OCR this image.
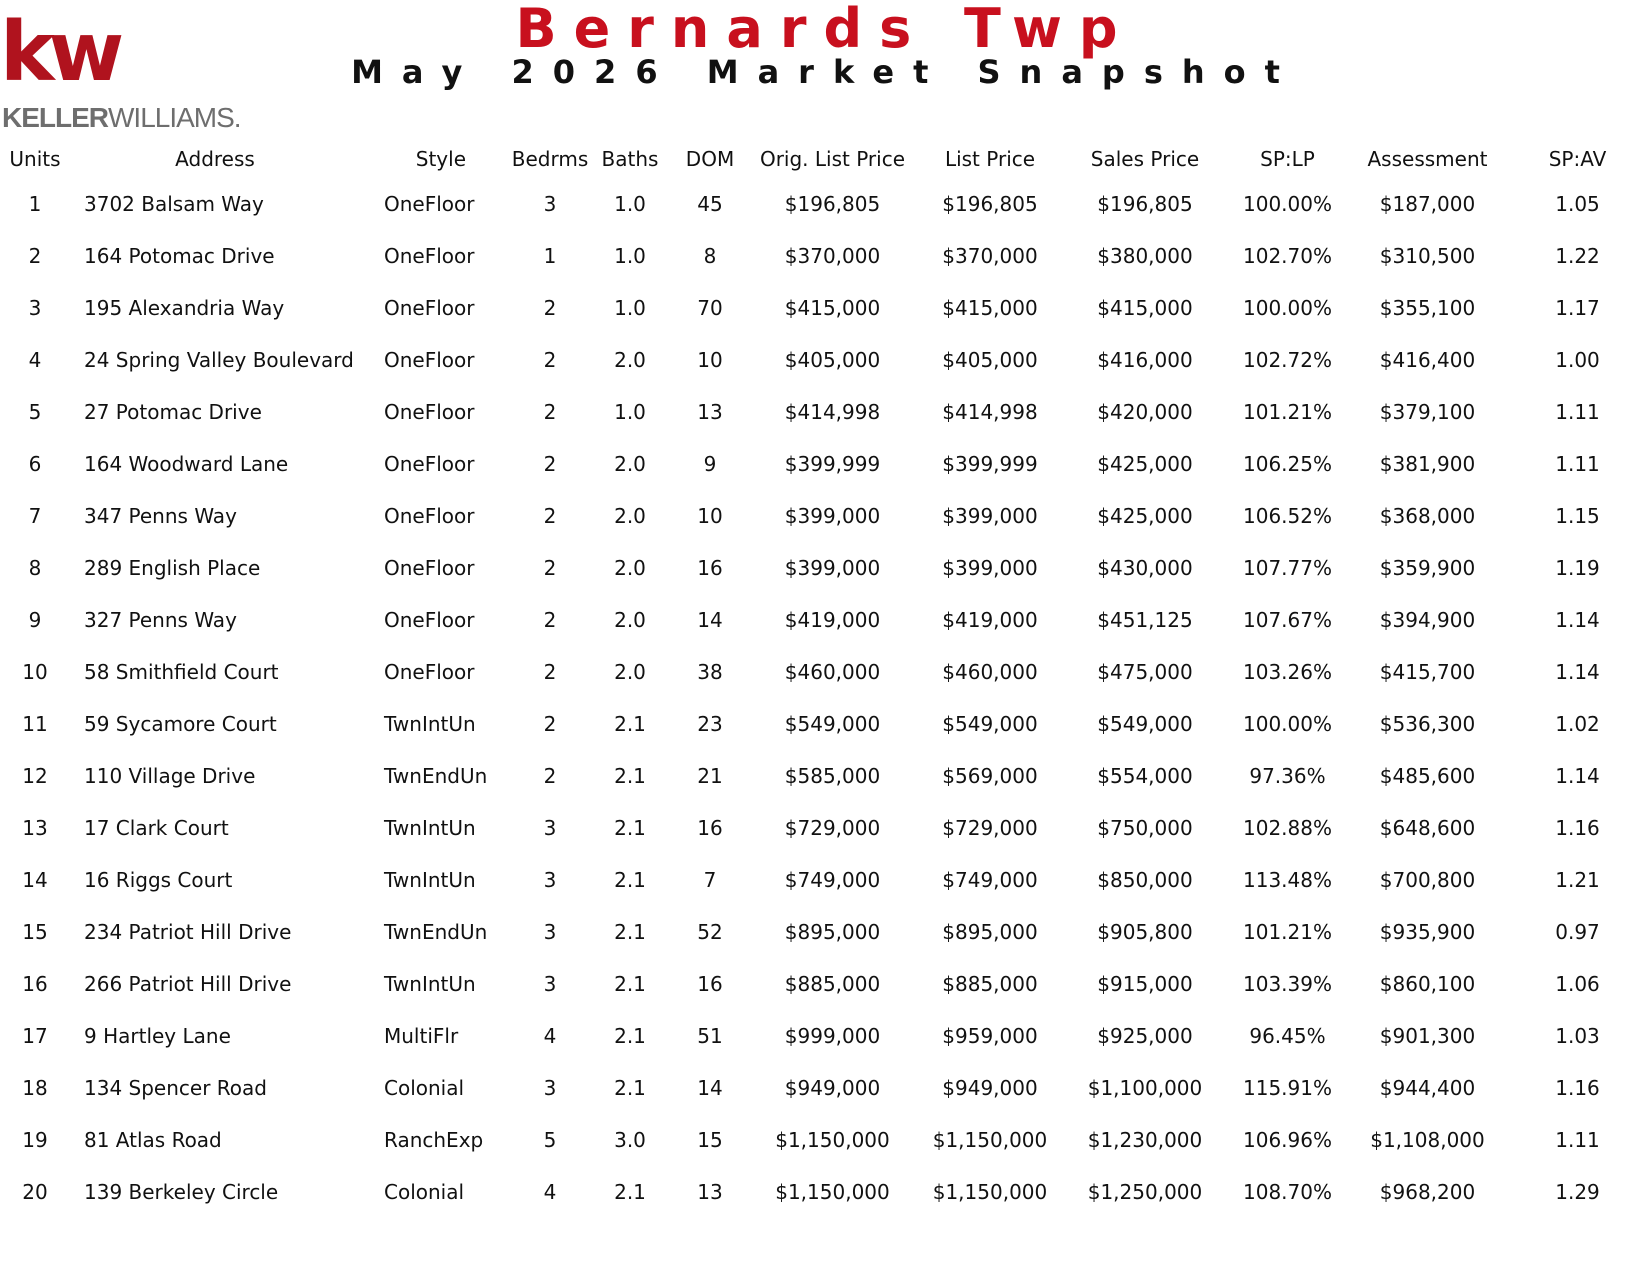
kw
KELLERWILLIAMS.
Bernards Twp
May 2026 Market Snapshot
Units	Address	Style	Bedrms	Baths	DOM	Orig. List Price	List Price	Sales Price	SP:LP	Assessment	SP:AV
1	3702 Balsam Way	OneFloor	3	1.0	45	$196,805	$196,805	$196,805	100.00%	$187,000	1.05
2	164 Potomac Drive	OneFloor	1	1.0	8	$370,000	$370,000	$380,000	102.70%	$310,500	1.22
3	195 Alexandria Way	OneFloor	2	1.0	70	$415,000	$415,000	$415,000	100.00%	$355,100	1.17
4	24 Spring Valley Boulevard	OneFloor	2	2.0	10	$405,000	$405,000	$416,000	102.72%	$416,400	1.00
5	27 Potomac Drive	OneFloor	2	1.0	13	$414,998	$414,998	$420,000	101.21%	$379,100	1.11
6	164 Woodward Lane	OneFloor	2	2.0	9	$399,999	$399,999	$425,000	106.25%	$381,900	1.11
7	347 Penns Way	OneFloor	2	2.0	10	$399,000	$399,000	$425,000	106.52%	$368,000	1.15
8	289 English Place	OneFloor	2	2.0	16	$399,000	$399,000	$430,000	107.77%	$359,900	1.19
9	327 Penns Way	OneFloor	2	2.0	14	$419,000	$419,000	$451,125	107.67%	$394,900	1.14
10	58 Smithfield Court	OneFloor	2	2.0	38	$460,000	$460,000	$475,000	103.26%	$415,700	1.14
11	59 Sycamore Court	TwnIntUn	2	2.1	23	$549,000	$549,000	$549,000	100.00%	$536,300	1.02
12	110 Village Drive	TwnEndUn	2	2.1	21	$585,000	$569,000	$554,000	97.36%	$485,600	1.14
13	17 Clark Court	TwnIntUn	3	2.1	16	$729,000	$729,000	$750,000	102.88%	$648,600	1.16
14	16 Riggs Court	TwnIntUn	3	2.1	7	$749,000	$749,000	$850,000	113.48%	$700,800	1.21
15	234 Patriot Hill Drive	TwnEndUn	3	2.1	52	$895,000	$895,000	$905,800	101.21%	$935,900	0.97
16	266 Patriot Hill Drive	TwnIntUn	3	2.1	16	$885,000	$885,000	$915,000	103.39%	$860,100	1.06
17	9 Hartley Lane	MultiFlr	4	2.1	51	$999,000	$959,000	$925,000	96.45%	$901,300	1.03
18	134 Spencer Road	Colonial	3	2.1	14	$949,000	$949,000	$1,100,000	115.91%	$944,400	1.16
19	81 Atlas Road	RanchExp	5	3.0	15	$1,150,000	$1,150,000	$1,230,000	106.96%	$1,108,000	1.11
20	139 Berkeley Circle	Colonial	4	2.1	13	$1,150,000	$1,150,000	$1,250,000	108.70%	$968,200	1.29
